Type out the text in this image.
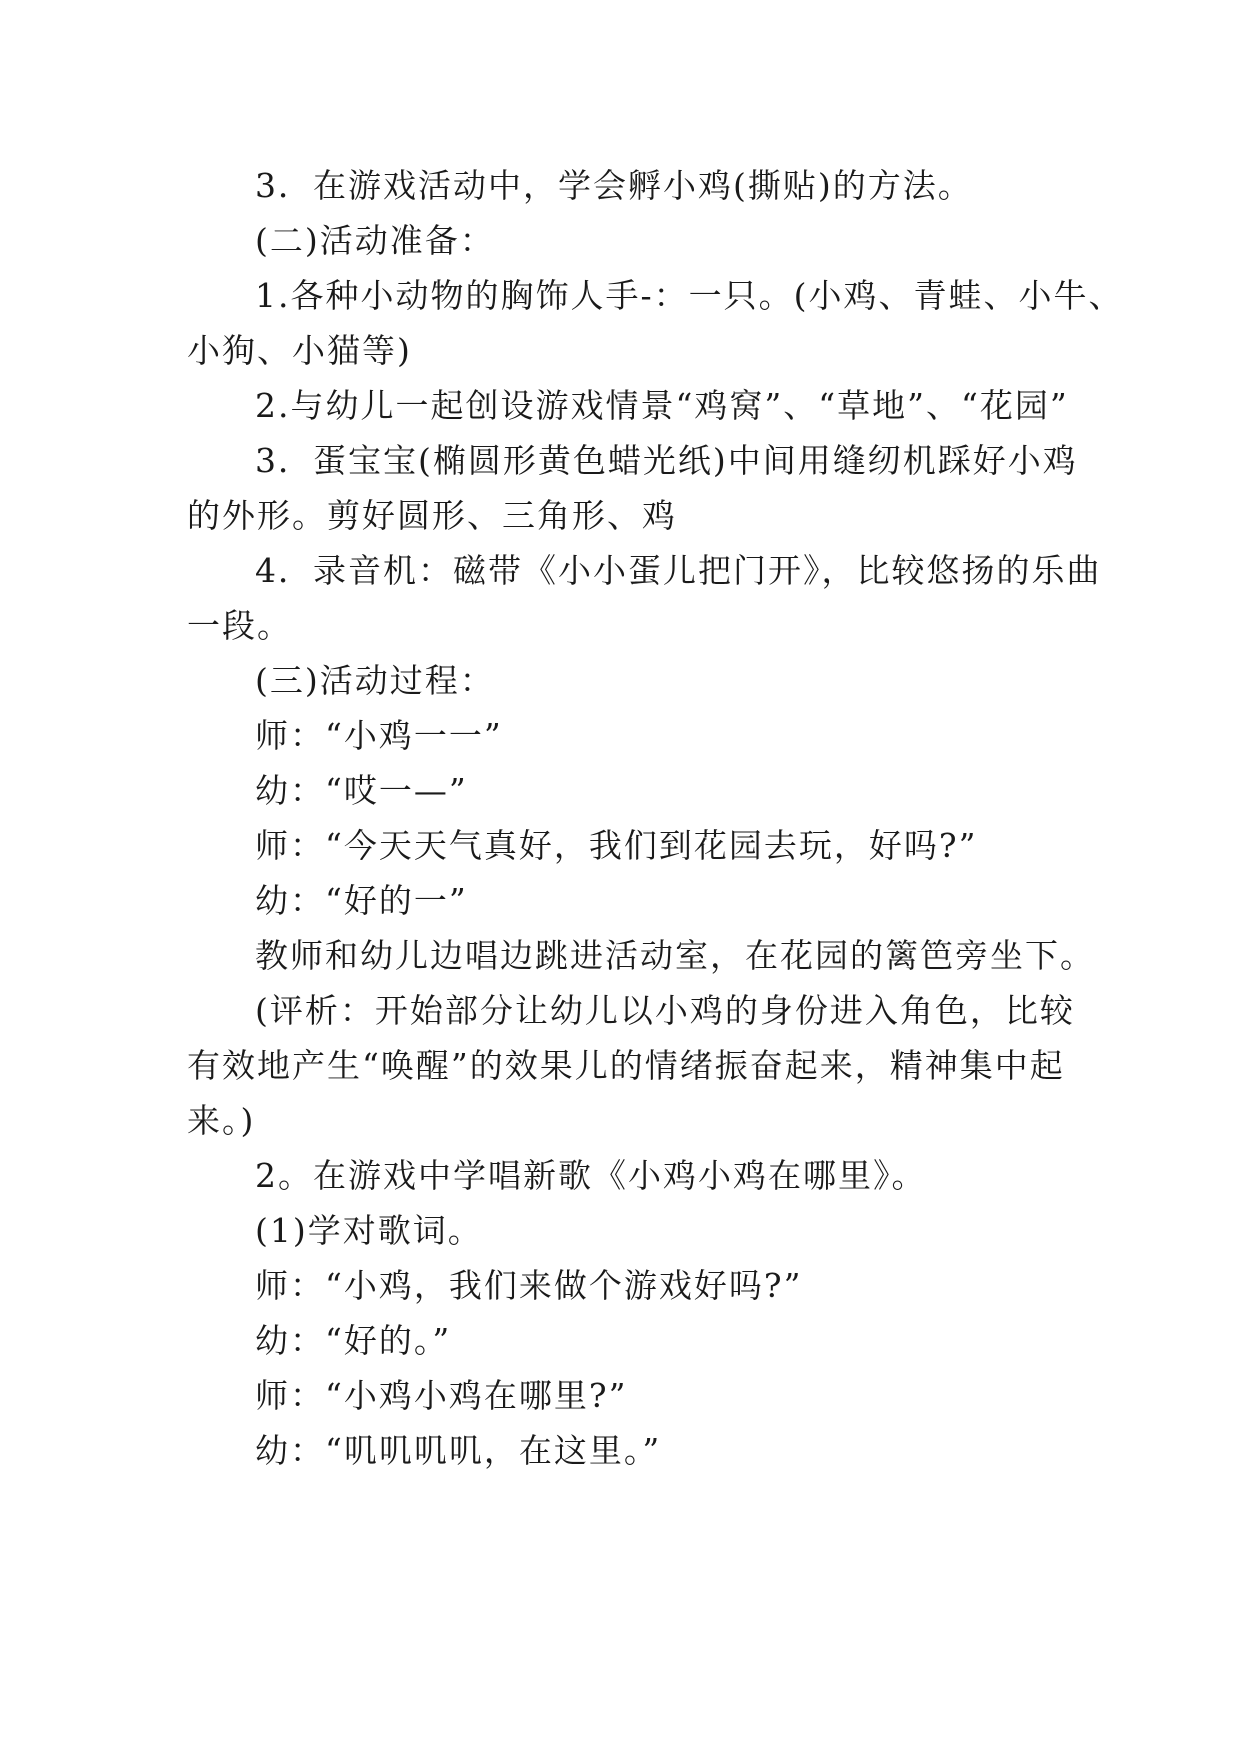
3．在游戏活动中，学会孵小鸡(撕贴)的方法。
(二)活动准备：
1.各种小动物的胸饰人手-：一只。(小鸡、青蛙、小牛、
小狗、小猫等)
2.与幼儿一起创设游戏情景“鸡窝”、“草地”、“花园”
3．蛋宝宝(椭圆形黄色蜡光纸)中间用缝纫机踩好小鸡
的外形。剪好圆形、三角形、鸡
4．录音机：磁带《小小蛋儿把门开》，比较悠扬的乐曲
一段。
(三)活动过程：
师：“小鸡一一”
幼：“哎一—”
师：“今天天气真好，我们到花园去玩，好吗?”
幼：“好的一”
教师和幼儿边唱边跳进活动室，在花园的篱笆旁坐下。
(评析：开始部分让幼儿以小鸡的身份进入角色，比较
有效地产生“唤醒”的效果儿的情绪振奋起来，精神集中起
来。)
2。在游戏中学唱新歌《小鸡小鸡在哪里》。
(1)学对歌词。
师：“小鸡，我们来做个游戏好吗?”
幼：“好的。”
师：“小鸡小鸡在哪里?”
幼：“叽叽叽叽，在这里。”
